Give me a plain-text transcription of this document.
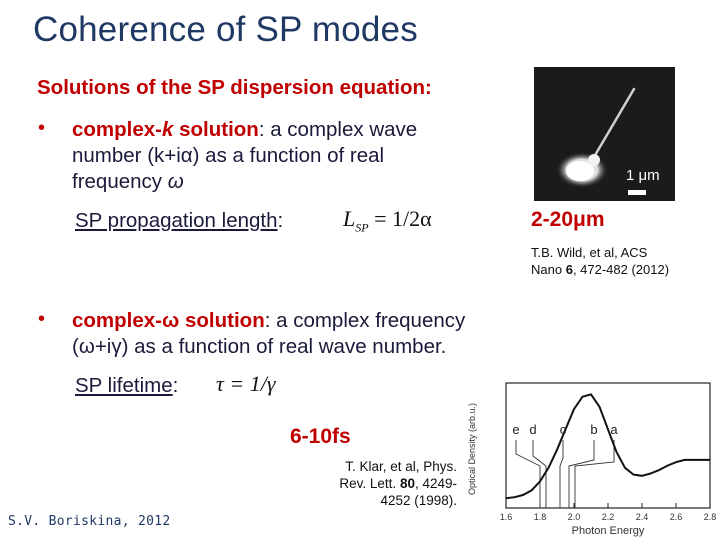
Coherence of SP modes
Solutions of the SP dispersion equation:
• complex-k solution: a complex wave
number (k+iα) as a function of real
frequency ω
SP propagation length:	$L_{SP} = 1/2\alpha$
1 μm
2-20μm
T.B. Wild, et al, ACS
Nano 6, 472-482 (2012)
• complex-ω solution: a complex frequency
(ω+iγ) as a function of real wave number.
SP lifetime: τ = 1/γ
6-10fs
T. Klar, et al, Phys.
Rev. Lett. 80, 4249-
4252 (1998).
Optical Density (arb.u.)
1.6 1.8 2.0 2.2 2.4 2.6 2.8
e d c b a
Photon Energy
S.V. Boriskina, 2012
